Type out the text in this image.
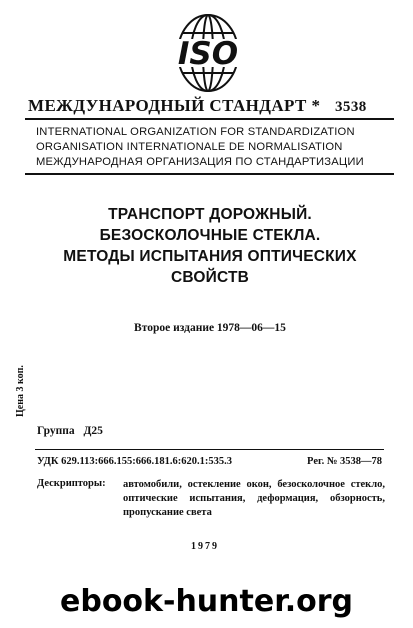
ISO
МЕЖДУНАРОДНЫЙ СТАНДАРТ * 3538
INTERNATIONAL ORGANIZATION FOR STANDARDIZATION
ORGANISATION INTERNATIONALE DE NORMALISATION
МЕЖДУНАРОДНАЯ ОРГАНИЗАЦИЯ ПО СТАНДАРТИЗАЦИИ
ТРАНСПОРТ ДОРОЖНЫЙ.
БЕЗОСКОЛОЧНЫЕ СТЕКЛА.
МЕТОДЫ ИСПЫТАНИЯ ОПТИЧЕСКИХ
СВОЙСТВ
Второе издание 1978—06—15
Цена 3 коп.
Группа Д25
УДК 629.113:666.155:666.181.6:620.1:535.3	Рег. № 3538—78
Дескрипторы: автомобили, остекление окон, безосколочное стекло, оптические испытания, деформация, обзорность, пропускание света
1979
ebook-hunter.org
